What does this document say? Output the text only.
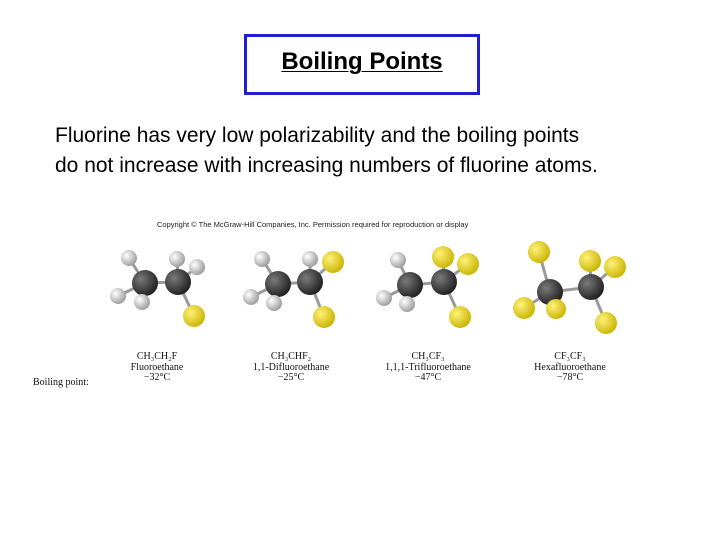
Boiling Points
Fluorine has very low polarizability and the boiling points
do not increase with increasing numbers of fluorine atoms.
Copyright © The McGraw-Hill Companies, Inc. Permission required for reproduction or display
CH₃CH₂F
Fluoroethane
−32°C
CH₃CHF₂
1,1-Difluoroethane
−25°C
CH₃CF₃
1,1,1-Trifluoroethane
−47°C
CF₃CF₃
Hexafluoroethane
−78°C
Boiling point:
